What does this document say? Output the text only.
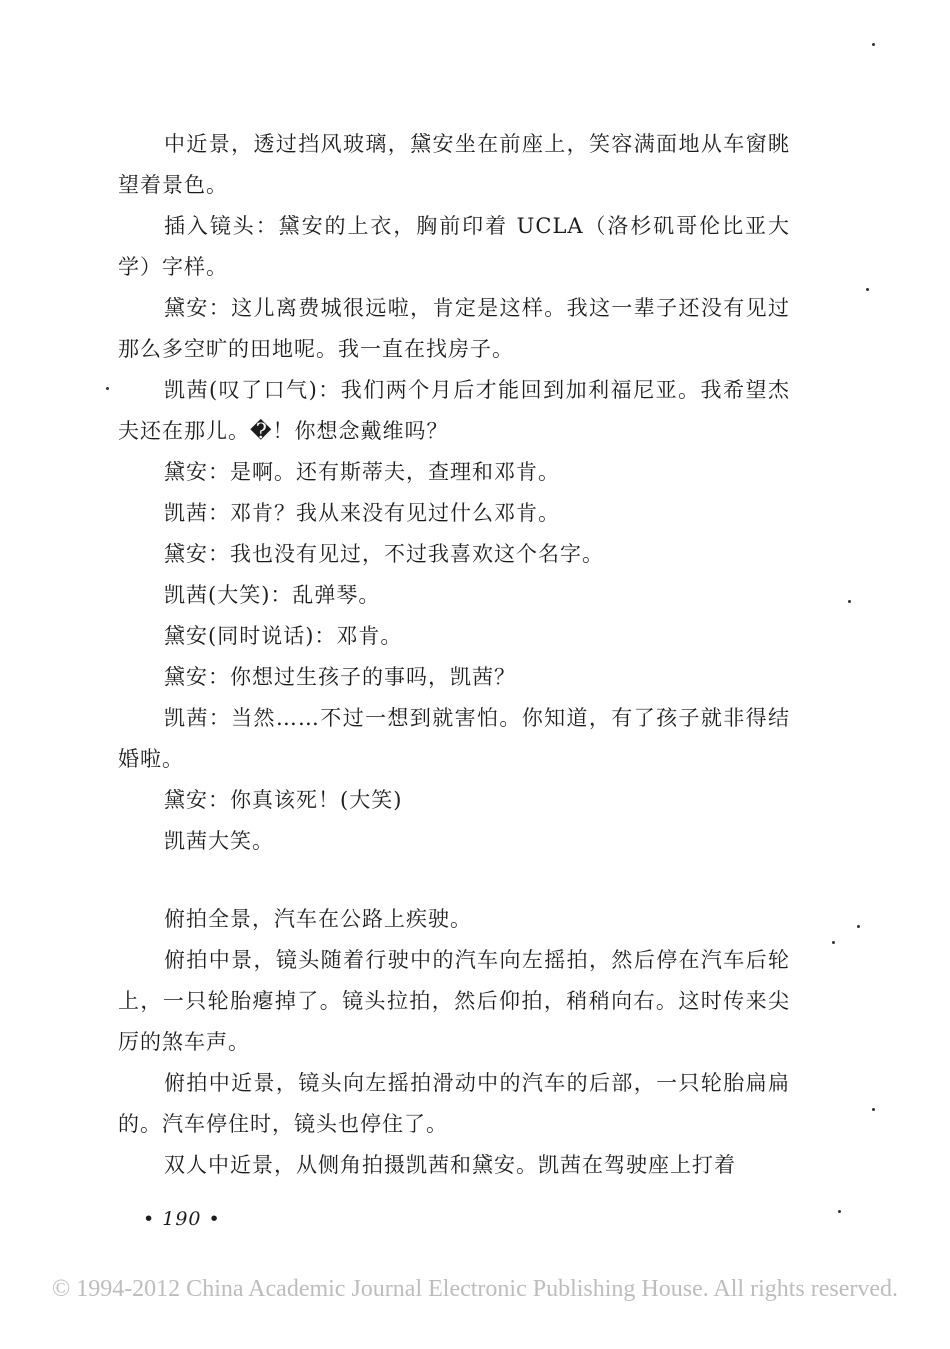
中近景，透过挡风玻璃，黛安坐在前座上，笑容满面地从车窗眺望着景色。

插入镜头：黛安的上衣，胸前印着 UCLA（洛杉矶哥伦比亚大学）字样。

黛安：这儿离费城很远啦，肯定是这样。我这一辈子还没有见过那么多空旷的田地呢。我一直在找房子。

凯茜(叹了口气)：我们两个月后才能回到加利福尼亚。我希望杰夫还在那儿。�！你想念戴维吗？

黛安：是啊。还有斯蒂夫，查理和邓肯。

凯茜：邓肯？我从来没有见过什么邓肯。

黛安：我也没有见过，不过我喜欢这个名字。

凯茜(大笑)：乱弹琴。

黛安(同时说话)：邓肯。

黛安：你想过生孩子的事吗，凯茜？

凯茜：当然……不过一想到就害怕。你知道，有了孩子就非得结婚啦。

黛安：你真该死！(大笑)

凯茜大笑。

俯拍全景，汽车在公路上疾驶。

俯拍中景，镜头随着行驶中的汽车向左摇拍，然后停在汽车后轮上，一只轮胎瘪掉了。镜头拉拍，然后仰拍，稍稍向右。这时传来尖厉的煞车声。

俯拍中近景，镜头向左摇拍滑动中的汽车的后部，一只轮胎扁扁的。汽车停住时，镜头也停住了。

双人中近景，从侧角拍摄凯茜和黛安。凯茜在驾驶座上打着

• 190 •
© 1994-2012 China Academic Journal Electronic Publishing House. All rights reserved.
